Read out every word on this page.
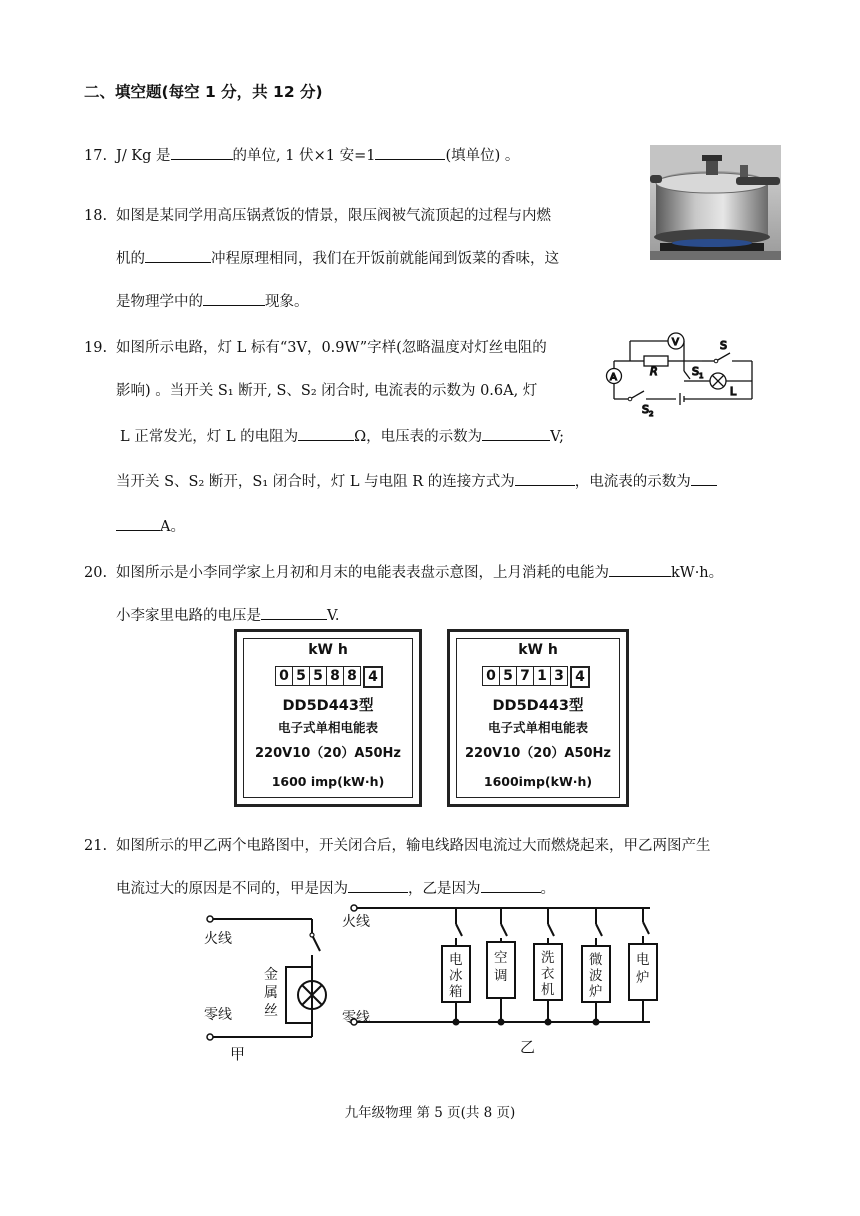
二、填空题(每空 1 分，共 12 分)
17. J/ Kg 是	的单位, 1 伏×1 安=1	(填单位) 。
18. 如图是某同学用高压锅煮饭的情景，限压阀被气流顶起的过程与内燃
机的	冲程原理相同，我们在开饭前就能闻到饭菜的香味，这
是物理学中的	现象。
19. 如图所示电路，灯 L 标有“3V，0.9W”字样(忽略温度对灯丝电阻的
影响) 。当开关 S₁ 断开, S、S₂ 闭合时, 电流表的示数为 0.6A, 灯
L 正常发光，灯 L 的电阻为	Ω，电压表的示数为	V;
当开关 S、S₂ 断开，S₁ 闭合时，灯 L 与电阻 R 的连接方式为	，电流表的示数为
A。
V
A	R
S
S 1
S 2
L
20. 如图所示是小李同学家上月初和月末的电能表表盘示意图，上月消耗的电能为	kW·h。
小李家里电路的电压是	V.
kW h
0 5 5 8 8 4
DD5D443型
电子式单相电能表
220V10（20）A50Hz
1600 imp(kW·h)
kW h
0 5 7 1 3 4
DD5D443型
电子式单相电能表
220V10（20）A50Hz
1600imp(kW·h)
21. 如图所示的甲乙两个电路图中，开关闭合后，输电线路因电流过大而燃烧起来，甲乙两图产生
电流过大的原因是不同的，甲是因为	，乙是因为	。
火线
零线
金
属
丝
甲
火线
零线
电
冰
箱
空
调
洗
衣
机
微
波
炉
电
炉
乙
九年级物理 第 5 页(共 8 页)
